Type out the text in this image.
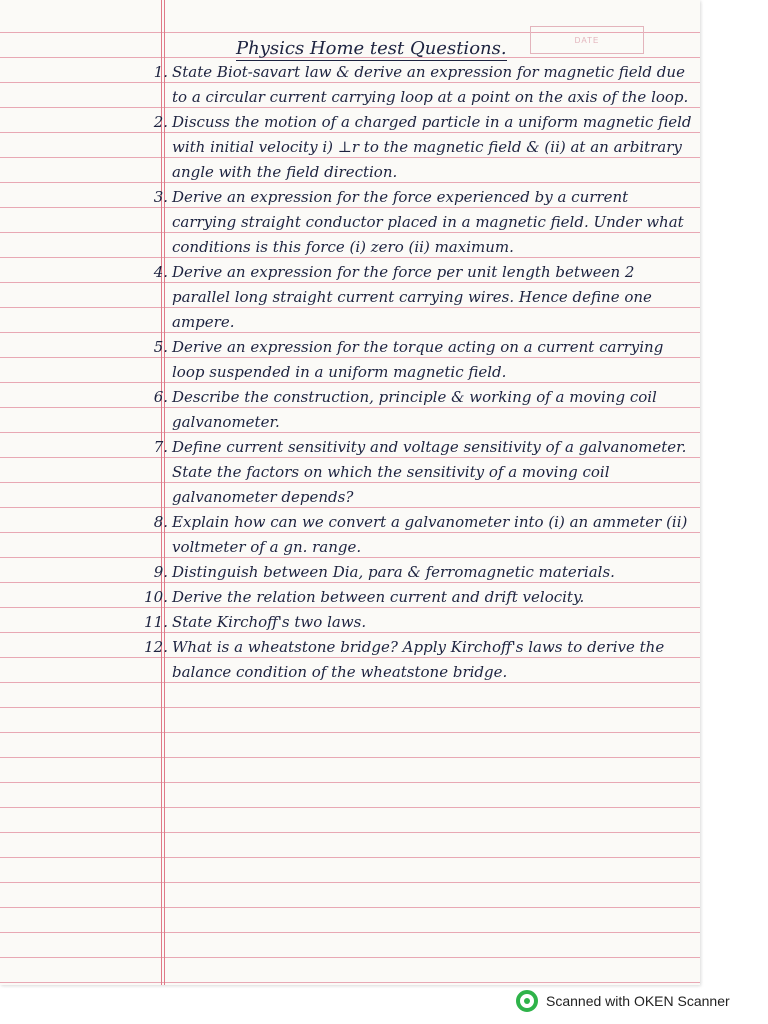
DATE
Physics Home test Questions.
1. State Biot-savart law & derive an expression for magnetic field due to a circular current carrying loop at a point on the axis of the loop.
2. Discuss the motion of a charged particle in a uniform magnetic field with initial velocity i) ⊥r to the magnetic field & (ii) at an arbitrary angle with the field direction.
3. Derive an expression for the force experienced by a current carrying straight conductor placed in a magnetic field. Under what conditions is this force (i) zero (ii) maximum.
4. Derive an expression for the force per unit length between 2 parallel long straight current carrying wires. Hence define one ampere.
5. Derive an expression for the torque acting on a current carrying loop suspended in a uniform magnetic field.
6. Describe the construction, principle & working of a moving coil galvanometer.
7. Define current sensitivity and voltage sensitivity of a galvanometer. State the factors on which the sensitivity of a moving coil galvanometer depends?
8. Explain how can we convert a galvanometer into (i) an ammeter (ii) voltmeter of a gn. range.
9. Distinguish between Dia, para & ferromagnetic materials.
10. Derive the relation between current and drift velocity.
11. State Kirchoff's two laws.
12. What is a wheatstone bridge? Apply Kirchoff's laws to derive the balance condition of the wheatstone bridge.
Scanned with OKEN Scanner
